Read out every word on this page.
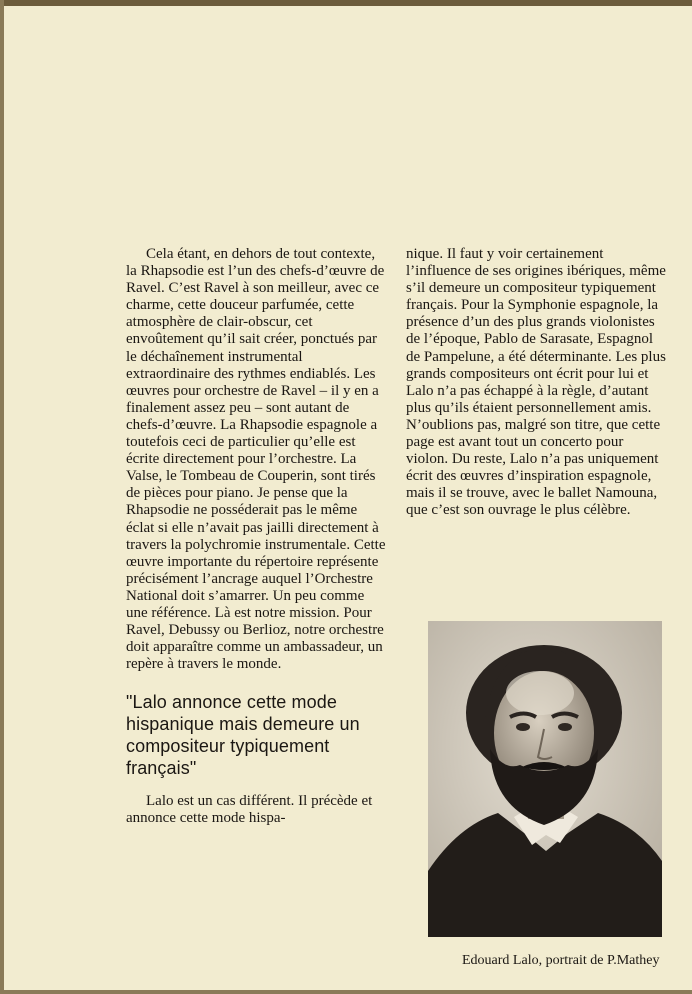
Cela étant, en dehors de tout contexte, la Rhapsodie est l’un des chefs-d’œuvre de Ravel. C’est Ravel à son meilleur, avec ce charme, cette douceur parfumée, cette atmosphère de clair-obscur, cet envoûtement qu’il sait créer, ponctués par le déchaînement instrumental extraordinaire des rythmes endiablés. Les œuvres pour orchestre de Ravel – il y en a finalement assez peu – sont autant de chefs-d’œuvre. La Rhapsodie espagnole a toutefois ceci de particulier qu’elle est écrite directement pour l’orchestre. La Valse, le Tombeau de Couperin, sont tirés de pièces pour piano. Je pense que la Rhapsodie ne posséderait pas le même éclat si elle n’avait pas jailli directement à travers la polychromie instrumentale. Cette œuvre importante du répertoire représente précisément l’ancrage auquel l’Orchestre National doit s’amarrer. Un peu comme une référence. Là est notre mission. Pour Ravel, Debussy ou Berlioz, notre orchestre doit apparaître comme un ambassadeur, un repère à travers le monde.

"Lalo annonce cette mode hispanique mais demeure un compositeur typiquement français"

Lalo est un cas différent. Il précède et annonce cette mode hispa-

nique. Il faut y voir certainement l’influence de ses origines ibériques, même s’il demeure un compositeur typiquement français. Pour la Symphonie espagnole, la présence d’un des plus grands violonistes de l’époque, Pablo de Sarasate, Espagnol de Pampelune, a été déterminante. Les plus grands compositeurs ont écrit pour lui et Lalo n’a pas échappé à la règle, d’autant plus qu’ils étaient personnellement amis. N’oublions pas, malgré son titre, que cette page est avant tout un concerto pour violon. Du reste, Lalo n’a pas uniquement écrit des œuvres d’inspiration espagnole, mais il se trouve, avec le ballet Namouna, que c’est son ouvrage le plus célèbre.

Edouard Lalo, portrait de P.Mathey
